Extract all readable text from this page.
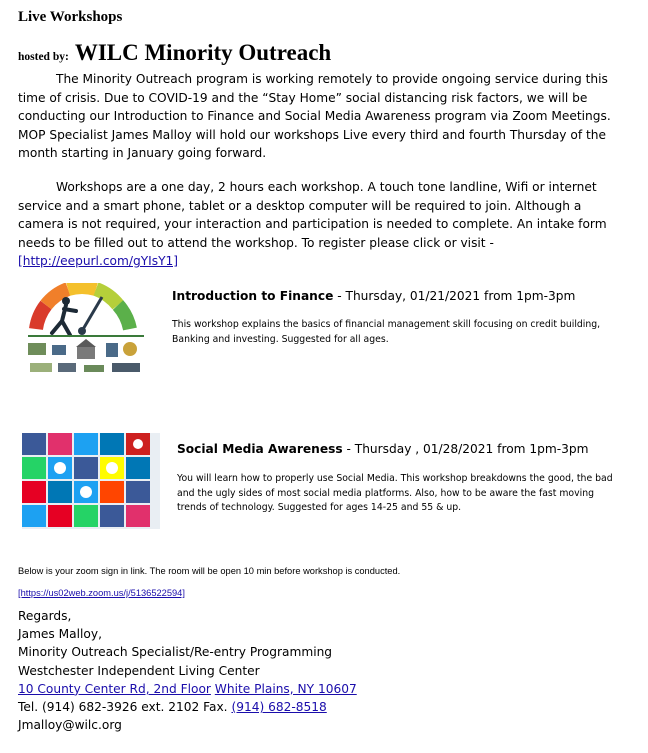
Live Workshops
hosted by: WILC Minority Outreach

The Minority Outreach program is working remotely to provide ongoing service during this time of crisis. Due to COVID-19 and the “Stay Home” social distancing risk factors, we will be conducting our Introduction to Finance and Social Media Awareness program via Zoom Meetings. MOP Specialist James Malloy will hold our workshops Live every third and fourth Thursday of the month starting in January going forward.

Workshops are a one day, 2 hours each workshop. A touch tone landline, Wifi or internet service and a smart phone, tablet or a desktop computer will be required to join. Although a camera is not required, your interaction and participation is needed to complete. An intake form needs to be filled out to attend the workshop. To register please click or visit - [http://eepurl.com/gYIsY1]

Introduction to Finance - Thursday, 01/21/2021 from 1pm-3pm
This workshop explains the basics of financial management skill focusing on credit building, Banking and investing. Suggested for all ages.
Social Media Awareness - Thursday , 01/28/2021 from 1pm-3pm
You will learn how to properly use Social Media. This workshop breakdowns the good, the bad and the ugly sides of most social media platforms. Also, how to be aware the fast moving trends of technology. Suggested for ages 14-25 and 55 & up.
Below is your zoom sign in link. The room will be open 10 min before workshop is conducted.
[https://us02web.zoom.us/j/5136522594]
Regards,
James Malloy,
Minority Outreach Specialist/Re-entry Programming
Westchester Independent Living Center
10 County Center Rd, 2nd Floor White Plains, NY 10607
Tel. (914) 682-3926 ext. 2102 Fax. (914) 682-8518
Jmalloy@wilc.org
